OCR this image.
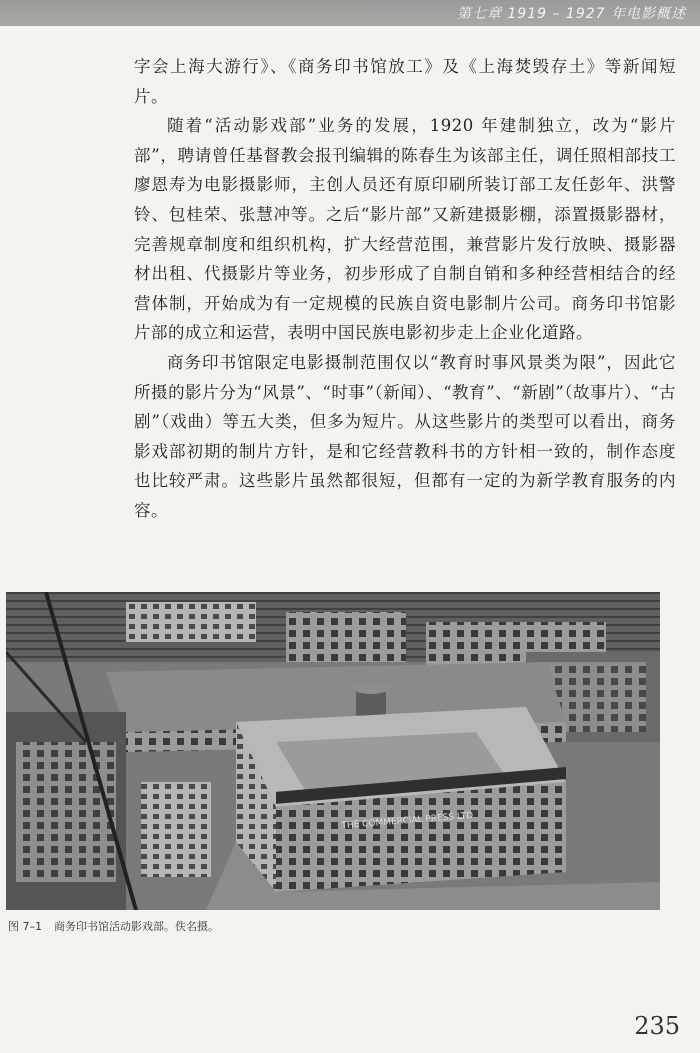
第七章 1919 – 1927 年电影概述

字会上海大游行》、《商务印书馆放工》及《上海焚毁存土》等新闻短片。

随着“活动影戏部”业务的发展，1920 年建制独立，改为“影片部”，聘请曾任基督教会报刊编辑的陈春生为该部主任，调任照相部技工廖恩寿为电影摄影师，主创人员还有原印刷所装订部工友任彭年、洪警铃、包桂荣、张慧冲等。之后“影片部”又新建摄影棚，添置摄影器材，完善规章制度和组织机构，扩大经营范围，兼营影片发行放映、摄影器材出租、代摄影片等业务，初步形成了自制自销和多种经营相结合的经营体制，开始成为有一定规模的民族自资电影制片公司。商务印书馆影片部的成立和运营，表明中国民族电影初步走上企业化道路。

商务印书馆限定电影摄制范围仅以“教育时事风景类为限”，因此它所摄的影片分为“风景”、“时事”（新闻）、“教育”、“新剧”（故事片）、“古剧”（戏曲）等五大类，但多为短片。从这些影片的类型可以看出，商务影戏部初期的制片方针，是和它经营教科书的方针相一致的，制作态度也比较严肃。这些影片虽然都很短，但都有一定的为新学教育服务的内容。

THE COMMERCIAL PRESS LTD
图 7–1 商务印书馆活动影戏部。佚名摄。
235
